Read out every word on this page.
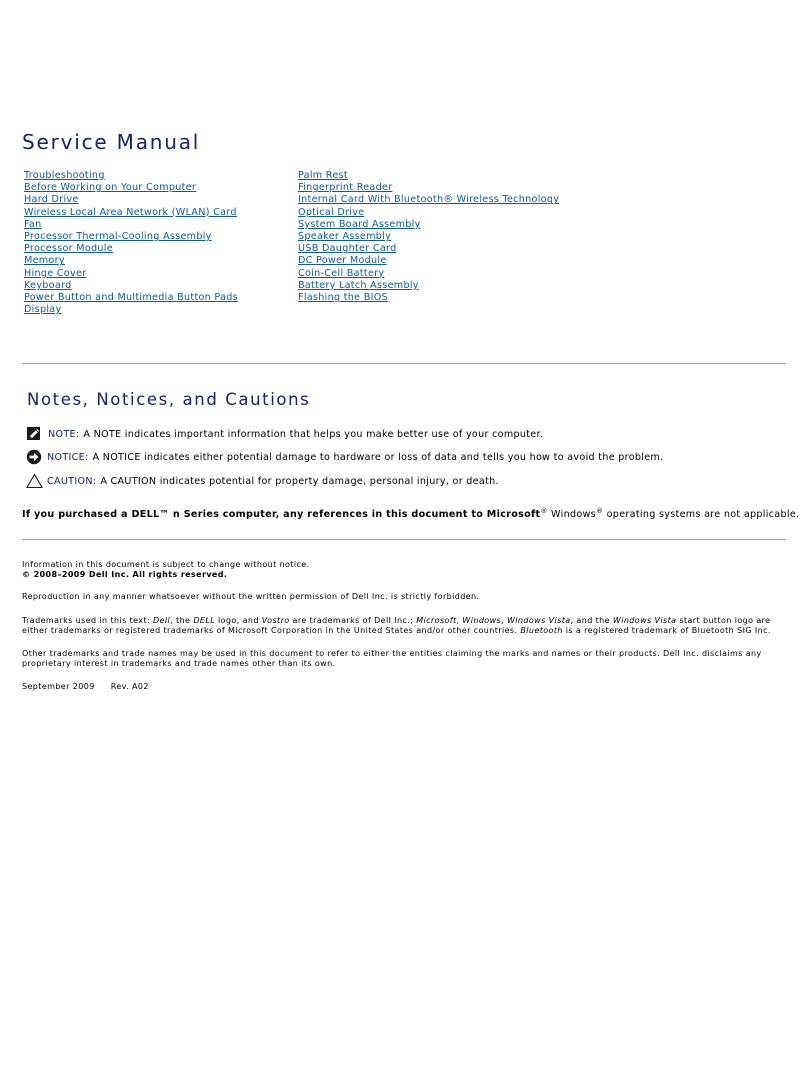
Service Manual
Troubleshooting
Before Working on Your Computer
Hard Drive
Wireless Local Area Network (WLAN) Card
Fan
Processor Thermal-Cooling Assembly
Processor Module
Memory
Hinge Cover
Keyboard
Power Button and Multimedia Button Pads
Display
Palm Rest
Fingerprint Reader
Internal Card With Bluetooth® Wireless Technology
Optical Drive
System Board Assembly
Speaker Assembly
USB Daughter Card
DC Power Module
Coin-Cell Battery
Battery Latch Assembly
Flashing the BIOS
Notes, Notices, and Cautions
NOTE: A NOTE indicates important information that helps you make better use of your computer.
NOTICE: A NOTICE indicates either potential damage to hardware or loss of data and tells you how to avoid the problem.
CAUTION: A CAUTION indicates potential for property damage, personal injury, or death.
If you purchased a DELL™ n Series computer, any references in this document to Microsoft® Windows® operating systems are not applicable.
Information in this document is subject to change without notice.
© 2008–2009 Dell Inc. All rights reserved.

Reproduction in any manner whatsoever without the written permission of Dell Inc. is strictly forbidden.

Trademarks used in this text: Dell, the DELL logo, and Vostro are trademarks of Dell Inc.; Microsoft, Windows, Windows Vista, and the Windows Vista start button logo are either trademarks or registered trademarks of Microsoft Corporation in the United States and/or other countries. Bluetooth is a registered trademark of Bluetooth SIG Inc.

Other trademarks and trade names may be used in this document to refer to either the entities claiming the marks and names or their products. Dell Inc. disclaims any proprietary interest in trademarks and trade names other than its own.

September 2009 Rev. A02
